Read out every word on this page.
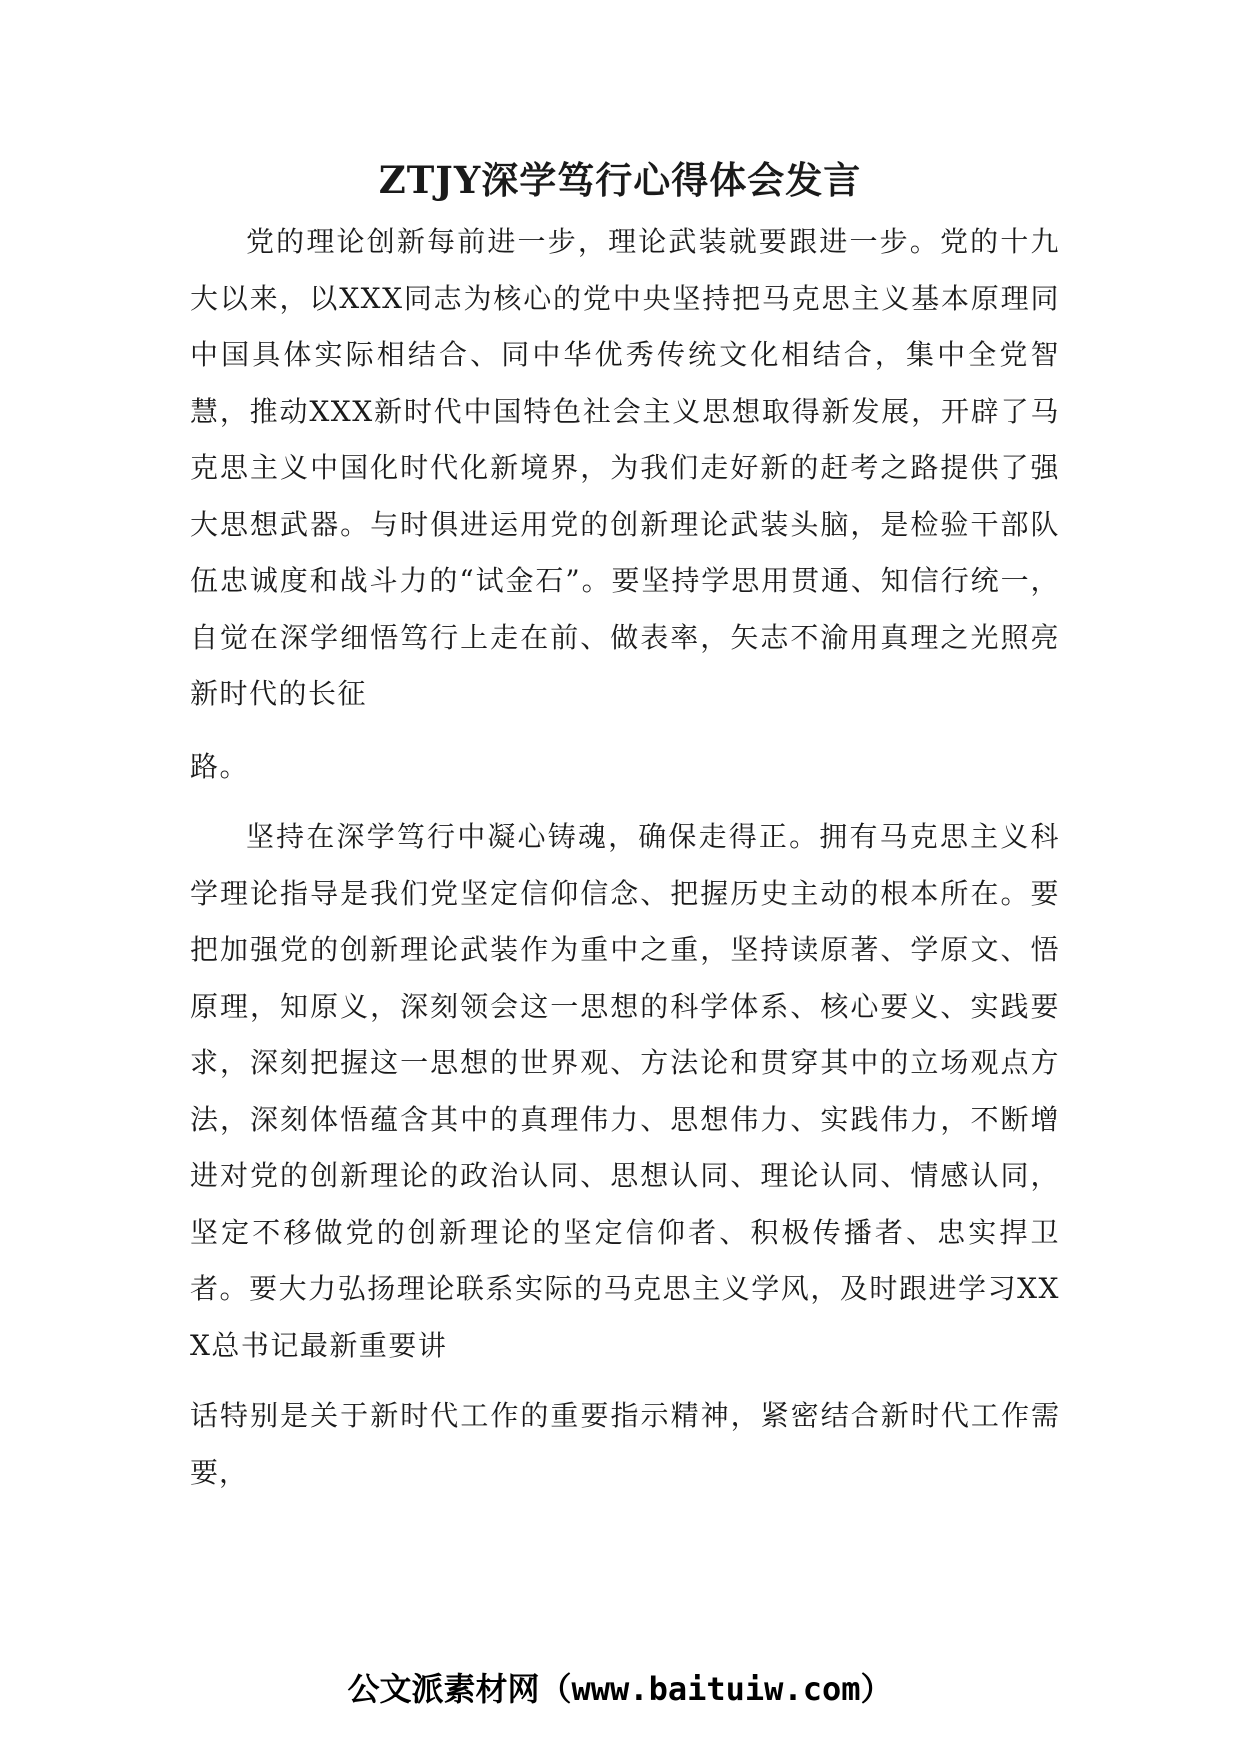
ZTJY深学笃行心得体会发言

党的理论创新每前进一步，理论武装就要跟进一步。党的十九大以来，以XXX同志为核心的党中央坚持把马克思主义基本原理同中国具体实际相结合、同中华优秀传统文化相结合，集中全党智慧，推动XXX新时代中国特色社会主义思想取得新发展，开辟了马克思主义中国化时代化新境界，为我们走好新的赶考之路提供了强大思想武器。与时俱进运用党的创新理论武装头脑，是检验干部队伍忠诚度和战斗力的“试金石”。要坚持学思用贯通、知信行统一，自觉在深学细悟笃行上走在前、做表率，矢志不渝用真理之光照亮新时代的长征
路。

坚持在深学笃行中凝心铸魂，确保走得正。拥有马克思主义科学理论指导是我们党坚定信仰信念、把握历史主动的根本所在。要把加强党的创新理论武装作为重中之重，坚持读原著、学原文、悟原理，知原义，深刻领会这一思想的科学体系、核心要义、实践要求，深刻把握这一思想的世界观、方法论和贯穿其中的立场观点方法，深刻体悟蕴含其中的真理伟力、思想伟力、实践伟力，不断增进对党的创新理论的政治认同、思想认同、理论认同、情感认同，坚定不移做党的创新理论的坚定信仰者、积极传播者、忠实捍卫者。要大力弘扬理论联系实际的马克思主义学风，及时跟进学习XXX总书记最新重要讲

话特别是关于新时代工作的重要指示精神，紧密结合新时代工作需要，

公文派素材网（www.baituiw.com）
